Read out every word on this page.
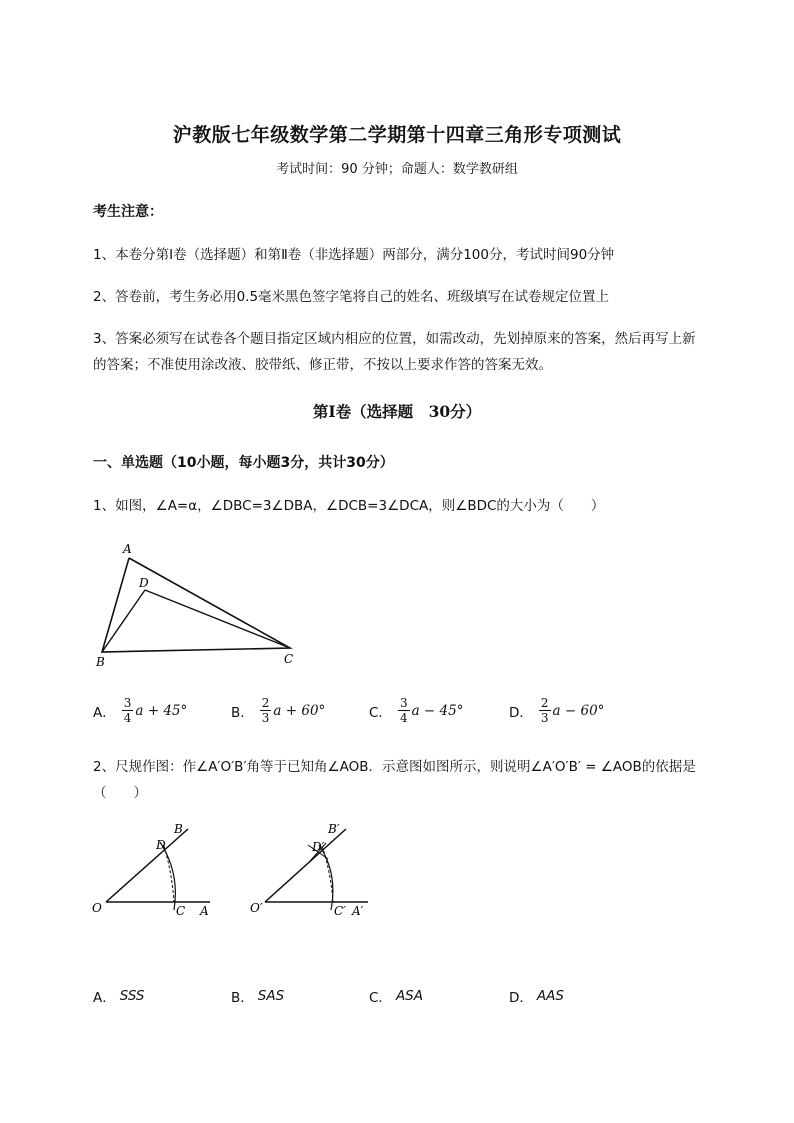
沪教版七年级数学第二学期第十四章三角形专项测试
考试时间：90 分钟；命题人：数学教研组
考生注意：
1、本卷分第Ⅰ卷（选择题）和第Ⅱ卷（非选择题）两部分，满分100分，考试时间90分钟
2、答卷前，考生务必用0.5毫米黑色签字笔将自己的姓名、班级填写在试卷规定位置上
3、答案必须写在试卷各个题目指定区域内相应的位置，如需改动，先划掉原来的答案，然后再写上新
的答案；不准使用涂改液、胶带纸、修正带，不按以上要求作答的答案无效。
第Ⅰ卷（选择题　30分）
一、单选题（10小题，每小题3分，共计30分）
1、如图，∠A=α，∠DBC=3∠DBA，∠DCB=3∠DCA，则∠BDC的大小为（　　）
A
D
B	C
A． $\frac{3}{4}$ a + 45°	B． $\frac{2}{3}$ a + 60°	C． $\frac{3}{4}$ a − 45°	D． $\frac{2}{3}$ a − 60°
2、尺规作图：作∠A′O′B′角等于已知角∠AOB．示意图如图所示，则说明∠A′O′B′ = ∠AOB的依据是
（　　）
B
D
O	C A
B′
D′
O′	C′ A′
A． SSS	B． SAS	C． ASA	D． AAS
